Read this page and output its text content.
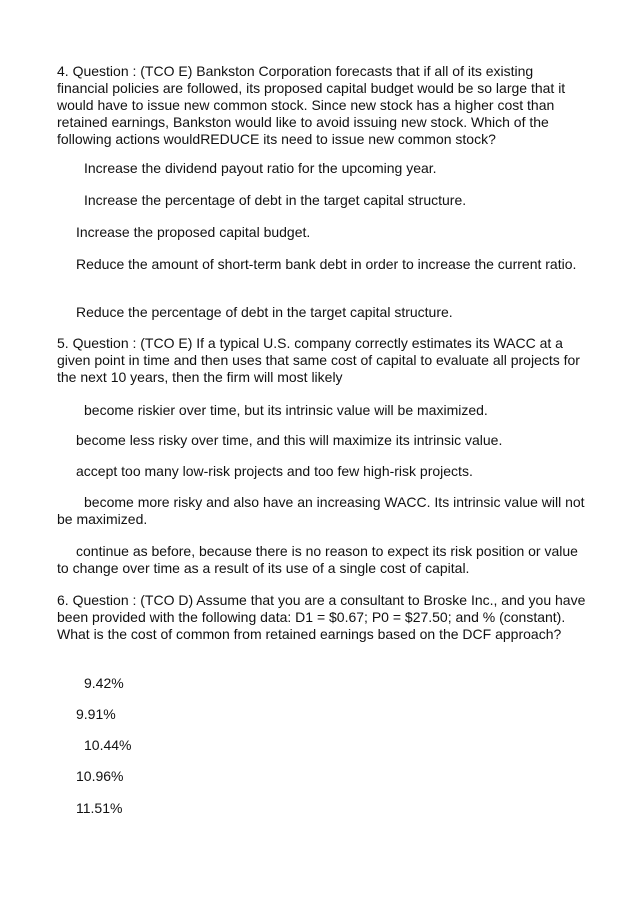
4. Question : (TCO E) Bankston Corporation forecasts that if all of its existing financial policies are followed, its proposed capital budget would be so large that it would have to issue new common stock. Since new stock has a higher cost than retained earnings, Bankston would like to avoid issuing new stock. Which of the following actions wouldREDUCE its need to issue new common stock?

Increase the dividend payout ratio for the upcoming year.

Increase the percentage of debt in the target capital structure.

Increase the proposed capital budget.

Reduce the amount of short-term bank debt in order to increase the current ratio.

Reduce the percentage of debt in the target capital structure.

5. Question : (TCO E) If a typical U.S. company correctly estimates its WACC at a given point in time and then uses that same cost of capital to evaluate all projects for the next 10 years, then the firm will most likely

become riskier over time, but its intrinsic value will be maximized.

become less risky over time, and this will maximize its intrinsic value.

accept too many low-risk projects and too few high-risk projects.

become more risky and also have an increasing WACC. Its intrinsic value will not be maximized.

continue as before, because there is no reason to expect its risk position or value to change over time as a result of its use of a single cost of capital.

6. Question : (TCO D) Assume that you are a consultant to Broske Inc., and you have been provided with the following data: D1 = $0.67; P0 = $27.50; and % (constant). What is the cost of common from retained earnings based on the DCF approach?

9.42%

9.91%

10.44%

10.96%

11.51%
